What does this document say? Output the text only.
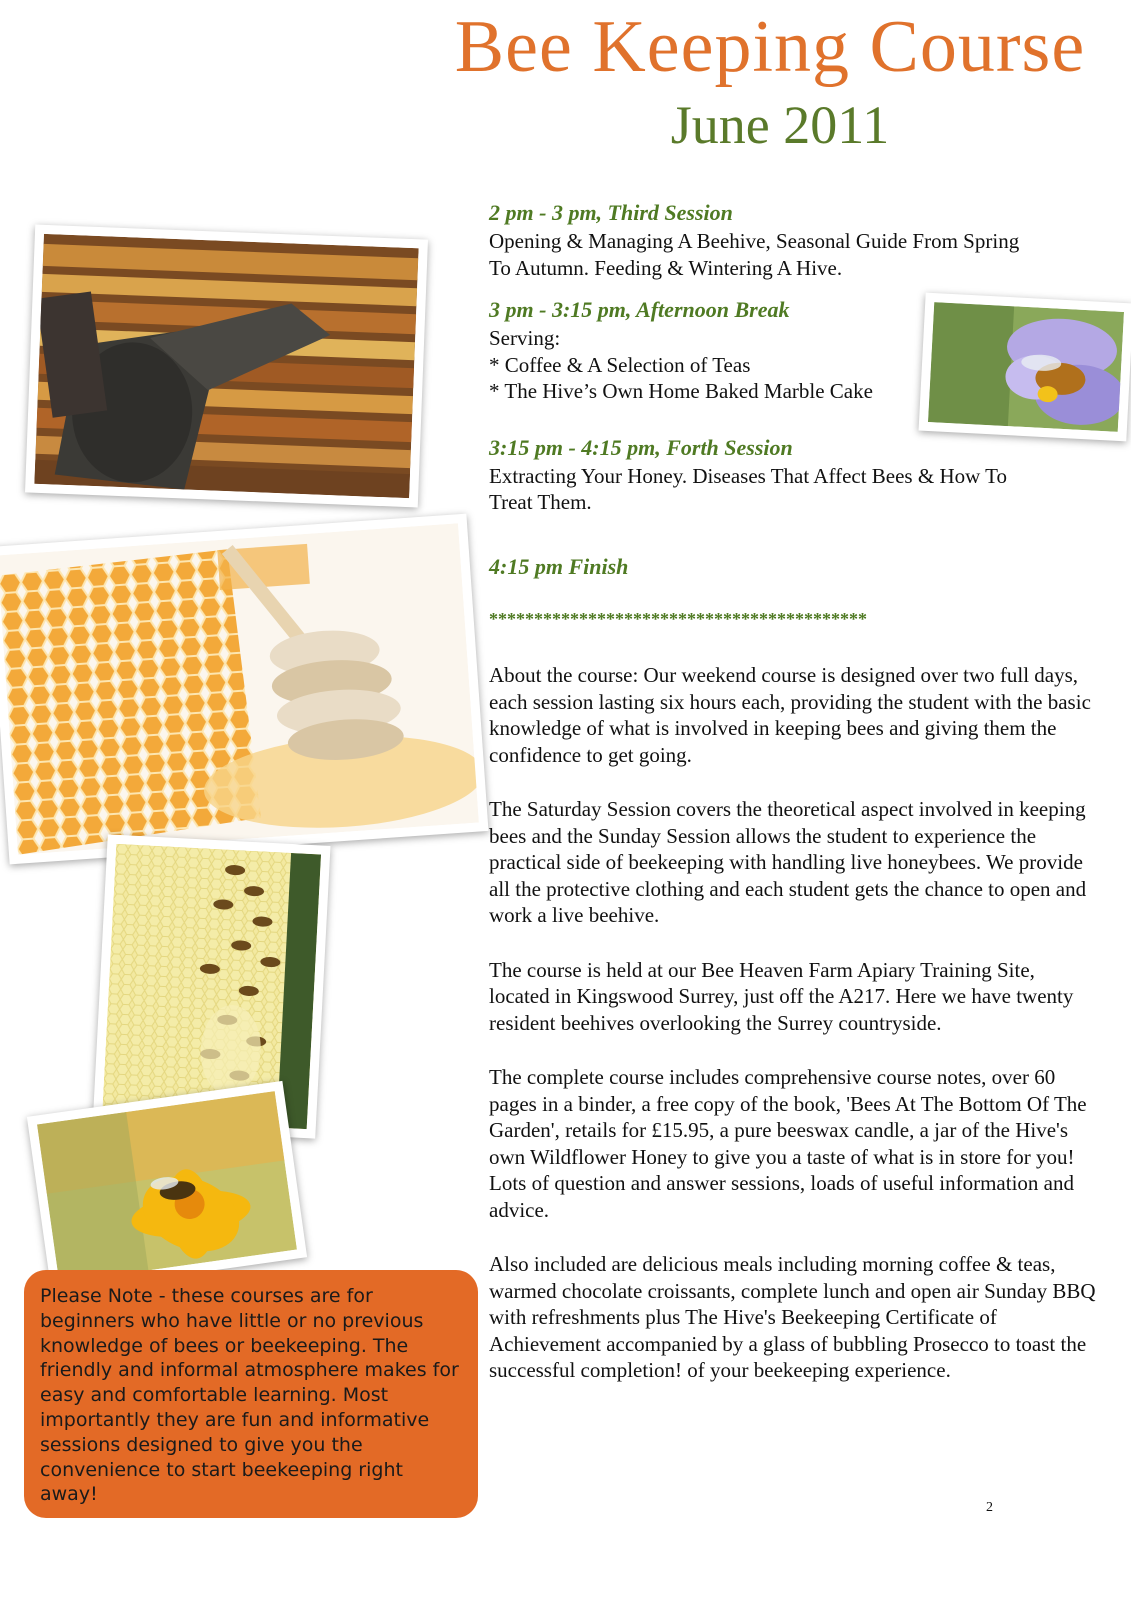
Bee Keeping Course
June 2011

2 pm - 3 pm, Third Session

Opening & Managing A Beehive, Seasonal Guide From Spring

To Autumn. Feeding & Wintering A Hive.

3 pm - 3:15 pm, Afternoon Break

Serving:

* Coffee & A Selection of Teas

* The Hive’s Own Home Baked Marble Cake

3:15 pm - 4:15 pm, Forth Session

Extracting Your Honey. Diseases That Affect Bees & How To

Treat Them.

4:15 pm Finish

******************************************

About the course: Our weekend course is designed over two full days, each session lasting six hours each, providing the student with the basic knowledge of what is involved in keeping bees and giving them the confidence to get going.

The Saturday Session covers the theoretical aspect involved in keeping bees and the Sunday Session allows the student to experience the practical side of beekeeping with handling live honeybees. We provide all the protective clothing and each student gets the chance to open and work a live beehive.

The course is held at our Bee Heaven Farm Apiary Training Site, located in Kingswood Surrey, just off the A217. Here we have twenty resident beehives overlooking the Surrey countryside.

The complete course includes comprehensive course notes, over 60 pages in a binder, a free copy of the book, 'Bees At The Bottom Of The Garden', retails for £15.95, a pure beeswax candle, a jar of the Hive's own Wildflower Honey to give you a taste of what is in store for you! Lots of question and answer sessions, loads of useful information and advice.

Also included are delicious meals including morning coffee & teas, warmed chocolate croissants, complete lunch and open air Sunday BBQ with refreshments plus The Hive's Beekeeping Certificate of Achievement accompanied by a glass of bubbling Prosecco to toast the successful completion! of your beekeeping experience.

Please Note - these courses are for beginners who have little or no previous knowledge of bees or beekeeping. The friendly and informal atmosphere makes for easy and comfortable learning. Most importantly they are fun and informative sessions designed to give you the convenience to start beekeeping right away!
2
